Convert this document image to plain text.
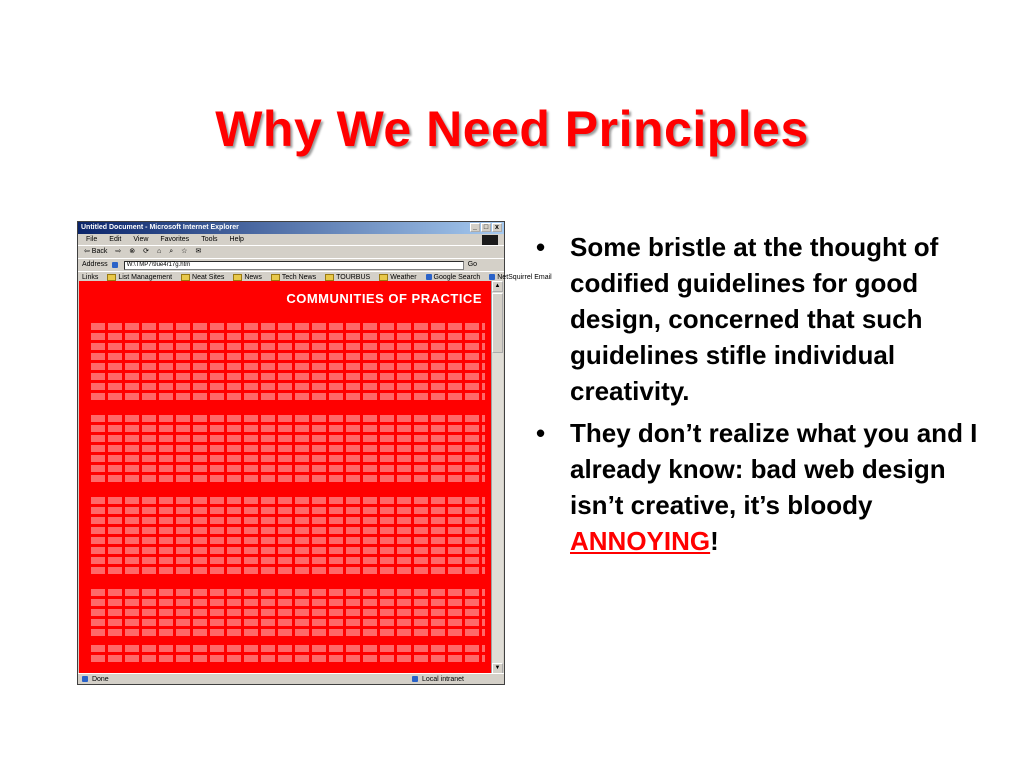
Why We Need Principles
Untitled Document - Microsoft Internet Explorer	_ □ x
File Edit View Favorites Tools Help
⇦ Back ⇨ ⊗ ⟳ ⌂ ⌕ ☆ ✉
Address	W:\TMP7\9ue4r17g.htm	Go
Links	List Management	Neat Sites	News	Tech News	TOURBUS	Weather	Google Search	NetSquirrel Email
COMMUNITIES OF PRACTICE
▲
▼
Done	Local intranet
• Some bristle at the thought of codified guidelines for good design, concerned that such guidelines stifle individual creativity.
• They don’t realize what you and I already know: bad web design isn’t creative, it’s bloody ANNOYING!
